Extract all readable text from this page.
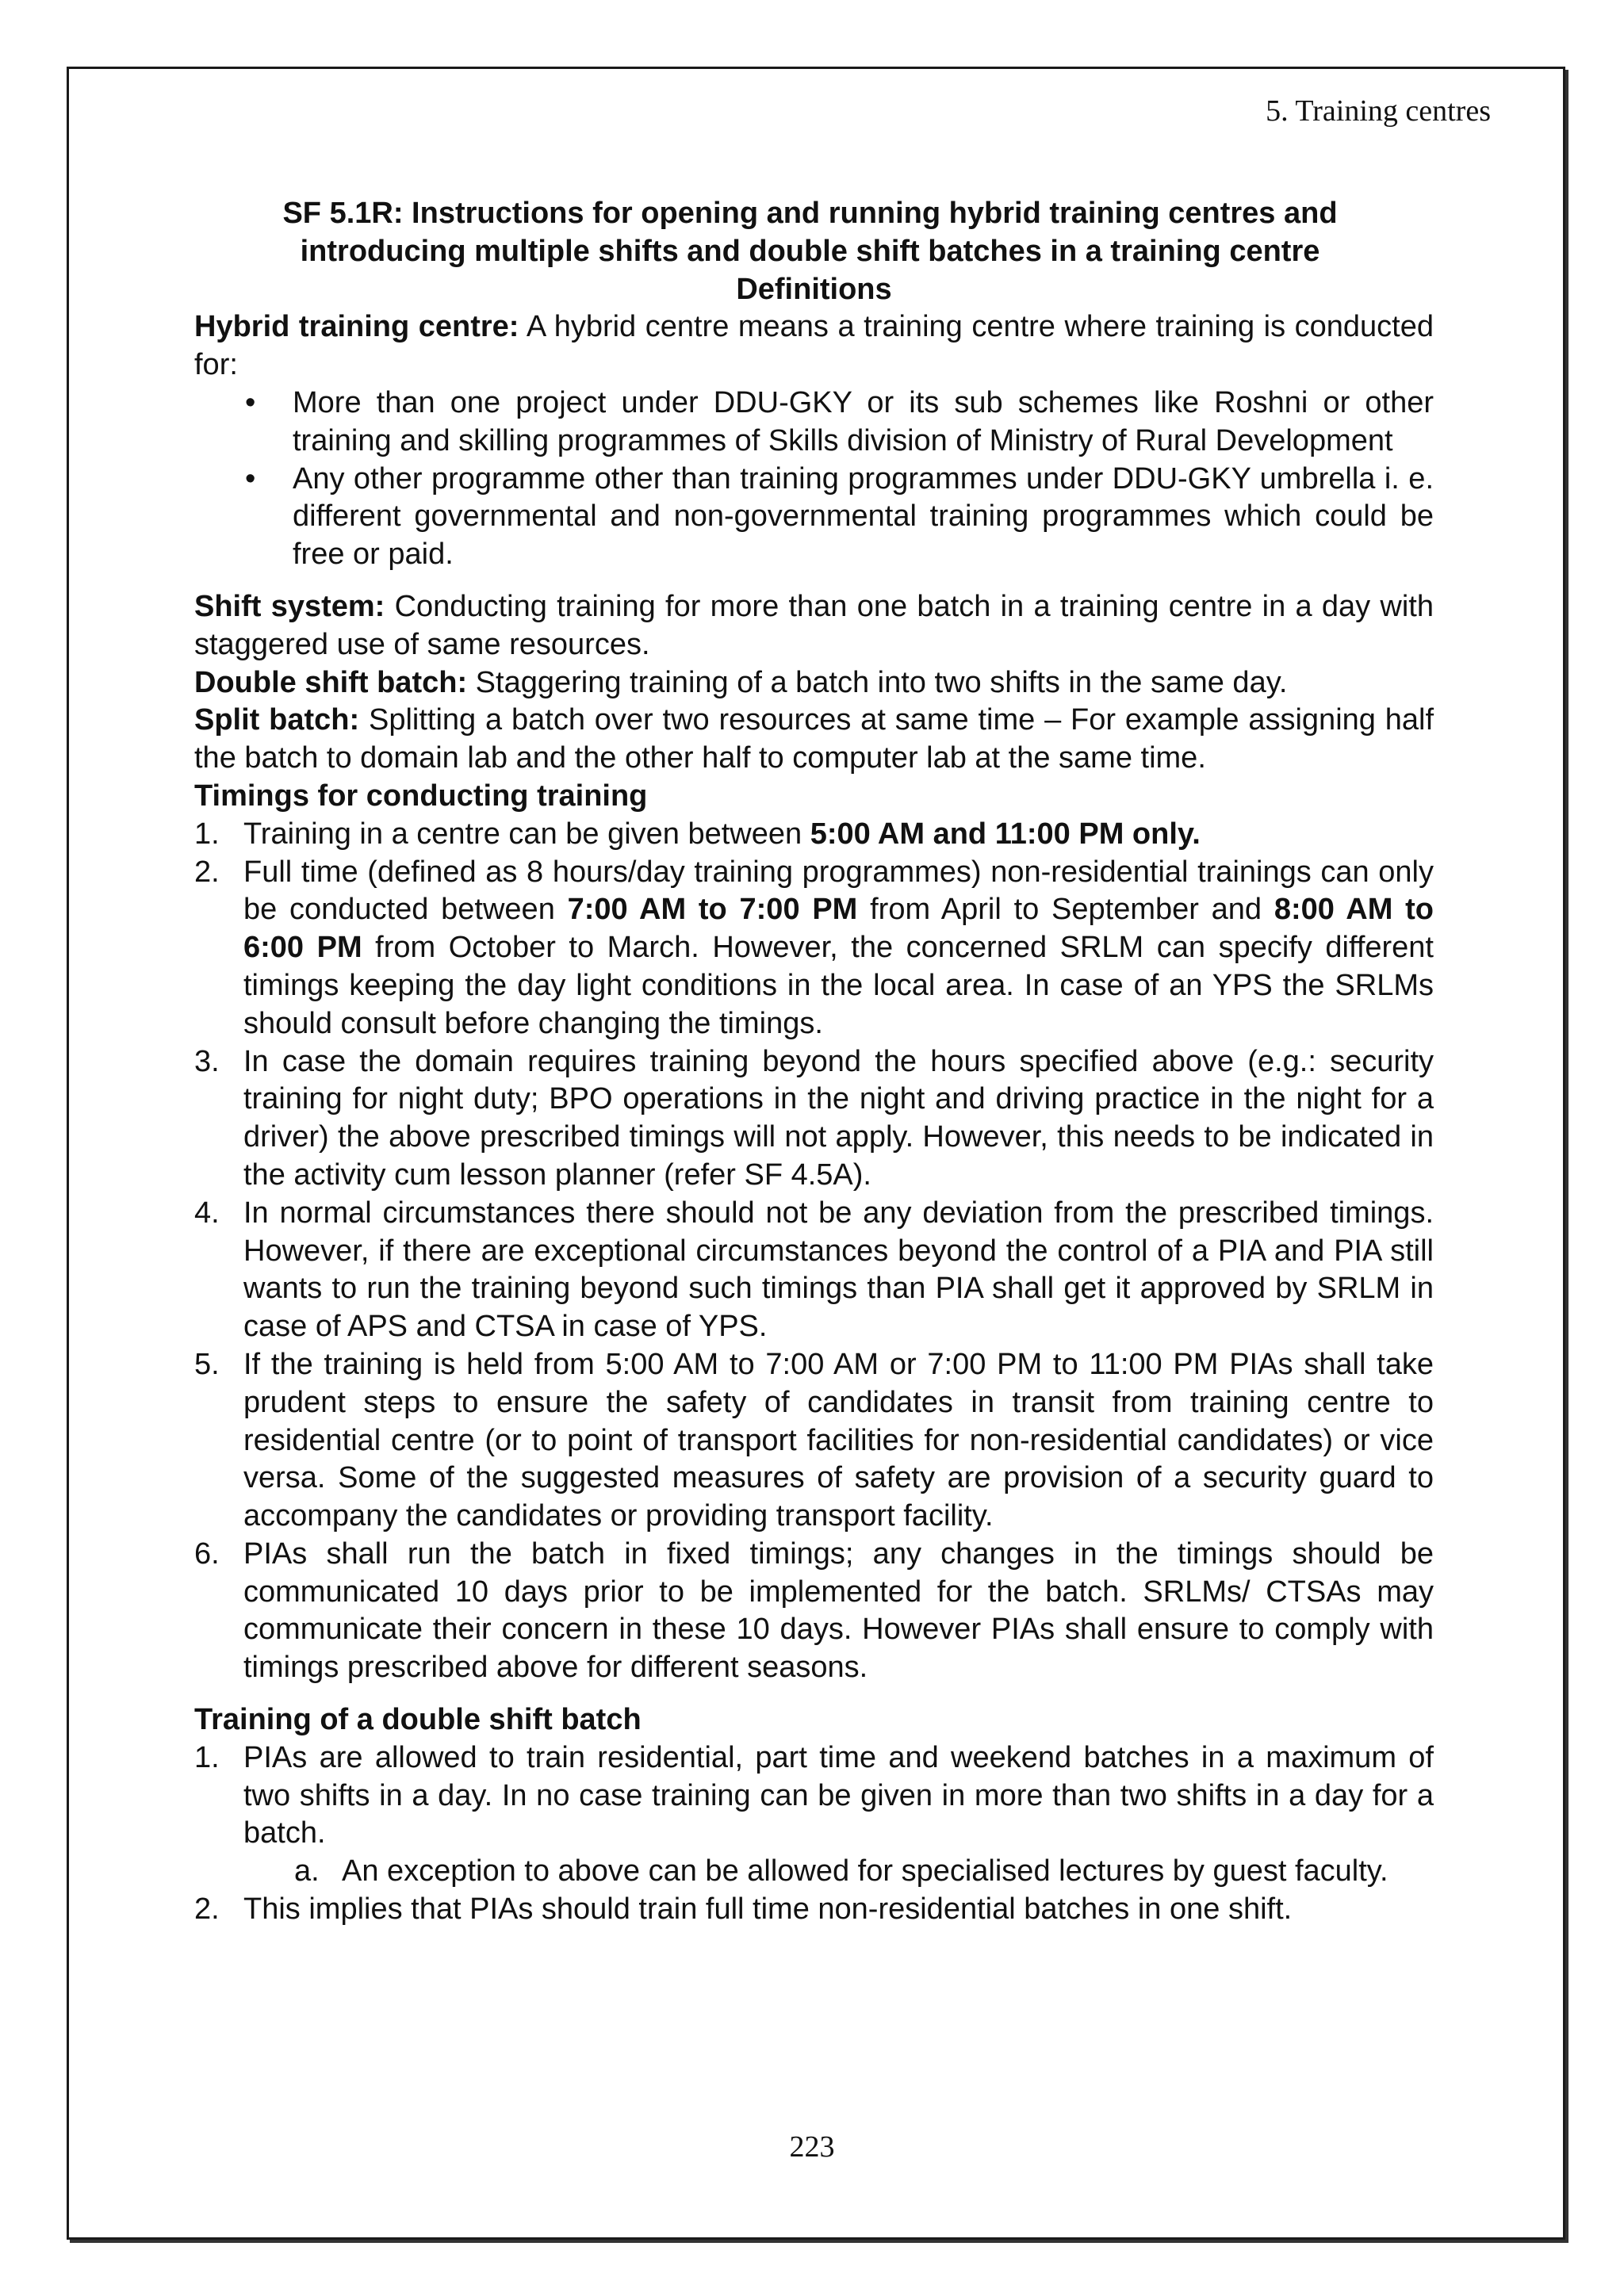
5. Training centres
SF 5.1R: Instructions for opening and running hybrid training centres and
introducing multiple shifts and double shift batches in a training centre
Definitions

Hybrid training centre: A hybrid centre means a training centre where training is conducted for:

• More than one project under DDU-GKY or its sub schemes like Roshni or other training and skilling programmes of Skills division of Ministry of Rural Development
• Any other programme other than training programmes under DDU-GKY umbrella i. e. different governmental and non-governmental training programmes which could be free or paid.

Shift system: Conducting training for more than one batch in a training centre in a day with staggered use of same resources.

Double shift batch: Staggering training of a batch into two shifts in the same day.

Split batch: Splitting a batch over two resources at same time – For example assigning half the batch to domain lab and the other half to computer lab at the same time.

Timings for conducting training
1. Training in a centre can be given between 5:00 AM and 11:00 PM only.
2. Full time (defined as 8 hours/day training programmes) non-residential trainings can only be conducted between 7:00 AM to 7:00 PM from April to September and 8:00 AM to 6:00 PM from October to March. However, the concerned SRLM can specify different timings keeping the day light conditions in the local area. In case of an YPS the SRLMs should consult before changing the timings.
3. In case the domain requires training beyond the hours specified above (e.g.: security training for night duty; BPO operations in the night and driving practice in the night for a driver) the above prescribed timings will not apply. However, this needs to be indicated in the activity cum lesson planner (refer SF 4.5A).
4. In normal circumstances there should not be any deviation from the prescribed timings. However, if there are exceptional circumstances beyond the control of a PIA and PIA still wants to run the training beyond such timings than PIA shall get it approved by SRLM in case of APS and CTSA in case of YPS.
5. If the training is held from 5:00 AM to 7:00 AM or 7:00 PM to 11:00 PM PIAs shall take prudent steps to ensure the safety of candidates in transit from training centre to residential centre (or to point of transport facilities for non-residential candidates) or vice versa. Some of the suggested measures of safety are provision of a security guard to accompany the candidates or providing transport facility.
6. PIAs shall run the batch in fixed timings; any changes in the timings should be communicated 10 days prior to be implemented for the batch. SRLMs/ CTSAs may communicate their concern in these 10 days. However PIAs shall ensure to comply with timings prescribed above for different seasons.
Training of a double shift batch
1. PIAs are allowed to train residential, part time and weekend batches in a maximum of two shifts in a day. In no case training can be given in more than two shifts in a day for a batch.
a. An exception to above can be allowed for specialised lectures by guest faculty.
2. This implies that PIAs should train full time non-residential batches in one shift.
223
